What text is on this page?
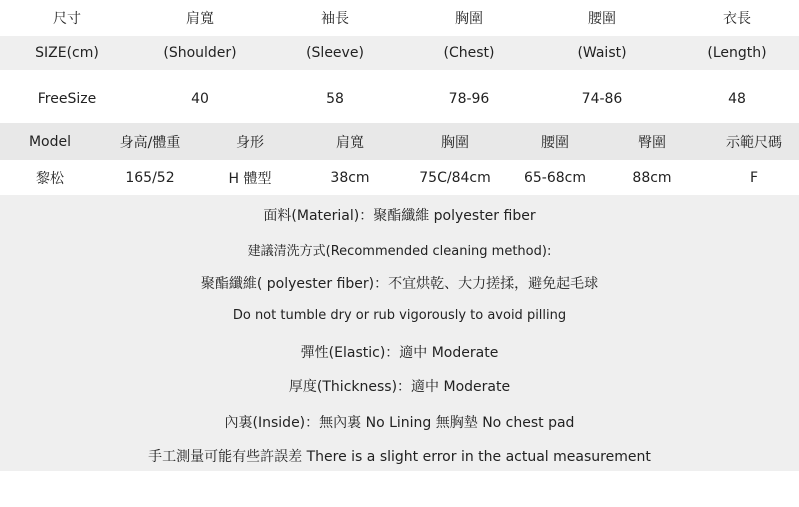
尺寸	肩寬	袖長	胸圍	腰圍	衣長
SIZE(cm)	(Shoulder)	(Sleeve)	(Chest)	(Waist)	(Length)
FreeSize	40	58	78-96	74-86	48
Model	身高/體重	身形	肩寬	胸圍	腰圍	臀圍	示範尺碼
黎松	165/52	H 體型	38cm	75C/84cm	65-68cm	88cm	F
面料(Material)：聚酯纖維 polyester fiber
建議清洗方式(Recommended cleaning method):
聚酯纖維( polyester fiber)：不宜烘乾、大力搓揉，避免起毛球
Do not tumble dry or rub vigorously to avoid pilling
彈性(Elastic)：適中 Moderate
厚度(Thickness)：適中 Moderate
內裏(Inside)：無內裏 No Lining 無胸墊 No chest pad
手工測量可能有些許誤差 There is a slight error in the actual measurement
